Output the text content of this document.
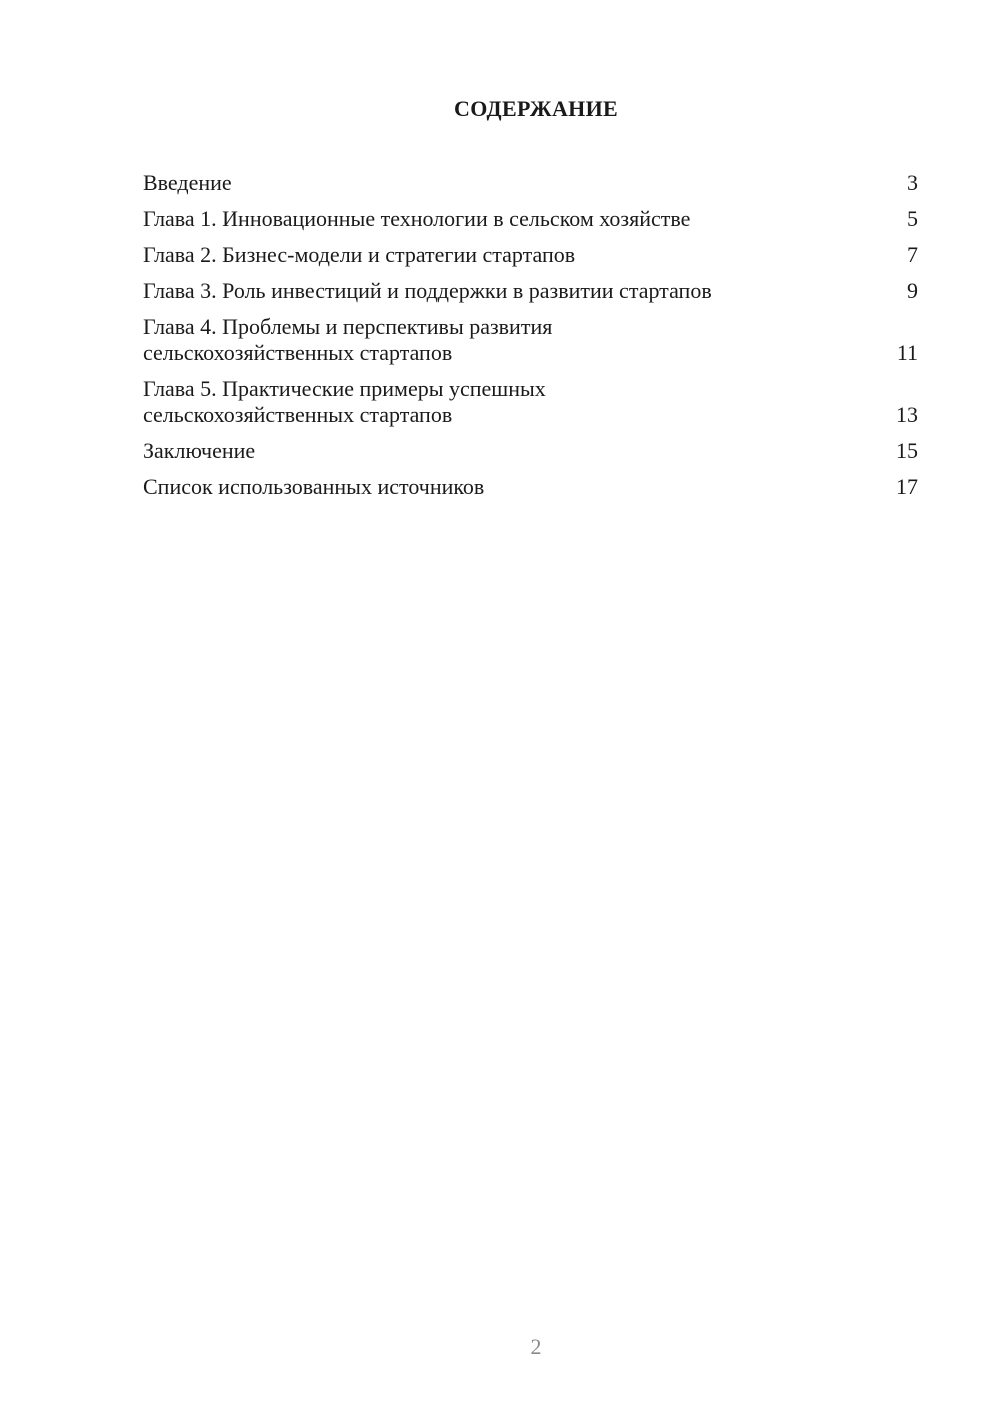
СОДЕРЖАНИЕ
Введение	3
Глава 1. Инновационные технологии в сельском хозяйстве	5
Глава 2. Бизнес-модели и стратегии стартапов	7
Глава 3. Роль инвестиций и поддержки в развитии стартапов	9
Глава 4. Проблемы и перспективы развития
сельскохозяйственных стартапов	11
Глава 5. Практические примеры успешных
сельскохозяйственных стартапов	13
Заключение	15
Список использованных источников	17
2
